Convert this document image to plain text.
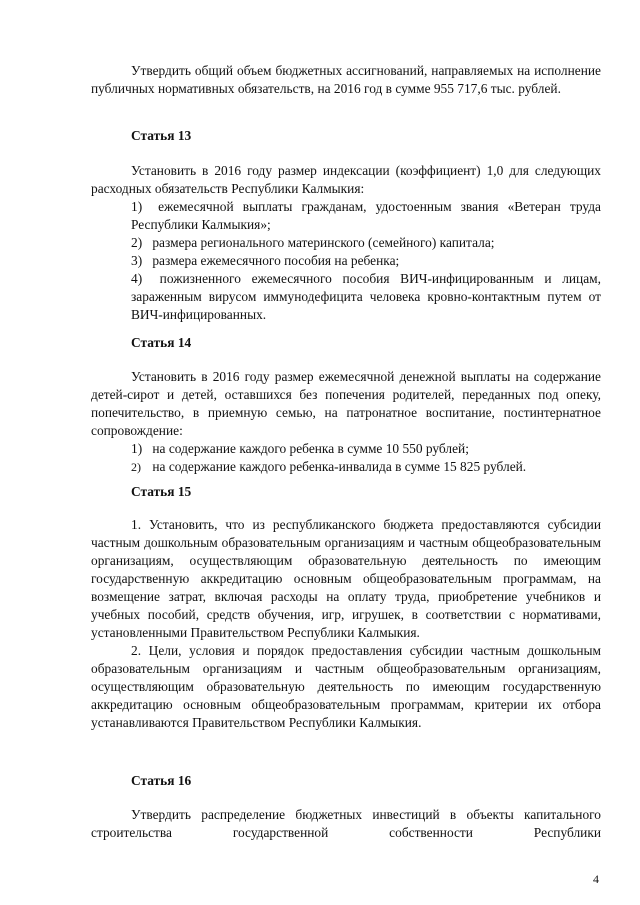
Утвердить общий объем бюджетных ассигнований, направляемых на исполнение публичных нормативных обязательств, на 2016 год в сумме 955 717,6 тыс. рублей.

Статья 13

Установить в 2016 году размер индексации (коэффициент) 1,0 для следующих расходных обязательств Республики Калмыкия:

1) ежемесячной выплаты гражданам, удостоенным звания «Ветеран труда Республики Калмыкия»;

2) размера регионального материнского (семейного) капитала;

3) размера ежемесячного пособия на ребенка;

4) пожизненного ежемесячного пособия ВИЧ-инфицированным и лицам, зараженным вирусом иммунодефицита человека кровно-контактным путем от ВИЧ-инфицированных.

Статья 14

Установить в 2016 году размер ежемесячной денежной выплаты на содержание детей-сирот и детей, оставшихся без попечения родителей, переданных под опеку, попечительство, в приемную семью, на патронатное воспитание, постинтернатное сопровождение:

1) на содержание каждого ребенка в сумме 10 550 рублей;

2) на содержание каждого ребенка-инвалида в сумме 15 825 рублей.

Статья 15

1. Установить, что из республиканского бюджета предоставляются субсидии частным дошкольным образовательным организациям и частным общеобразовательным организациям, осуществляющим образовательную деятельность по имеющим государственную аккредитацию основным общеобразовательным программам, на возмещение затрат, включая расходы на оплату труда, приобретение учебников и учебных пособий, средств обучения, игр, игрушек, в соответствии с нормативами, установленными Правительством Республики Калмыкия.

2. Цели, условия и порядок предоставления субсидии частным дошкольным образовательным организациям и частным общеобразовательным организациям, осуществляющим образовательную деятельность по имеющим государственную аккредитацию основным общеобразовательным программам, критерии их отбора устанавливаются Правительством Республики Калмыкия.

Статья 16

Утвердить распределение бюджетных инвестиций в объекты капитального строительства государственной собственности Республики

4
